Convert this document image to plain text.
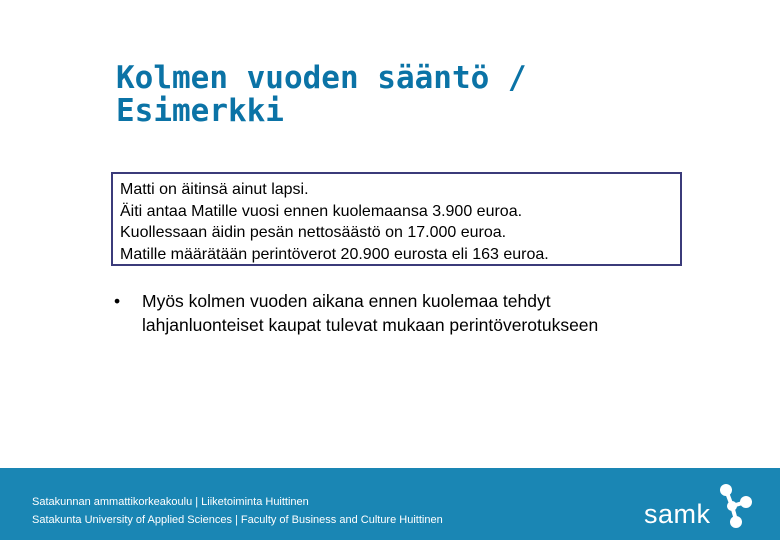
Kolmen vuoden sääntö /
Esimerkki
Matti on äitinsä ainut lapsi.
Äiti antaa Matille vuosi ennen kuolemaansa 3.900 euroa.
Kuollessaan äidin pesän nettosäästö on 17.000 euroa.
Matille määrätään perintöverot 20.900 eurosta eli 163 euroa.
• Myös kolmen vuoden aikana ennen kuolemaa tehdyt
lahjanluonteiset kaupat tulevat mukaan perintöverotukseen
Satakunnan ammattikorkeakoulu | Liiketoiminta Huittinen
Satakunta University of Applied Sciences | Faculty of Business and Culture Huittinen	samk
